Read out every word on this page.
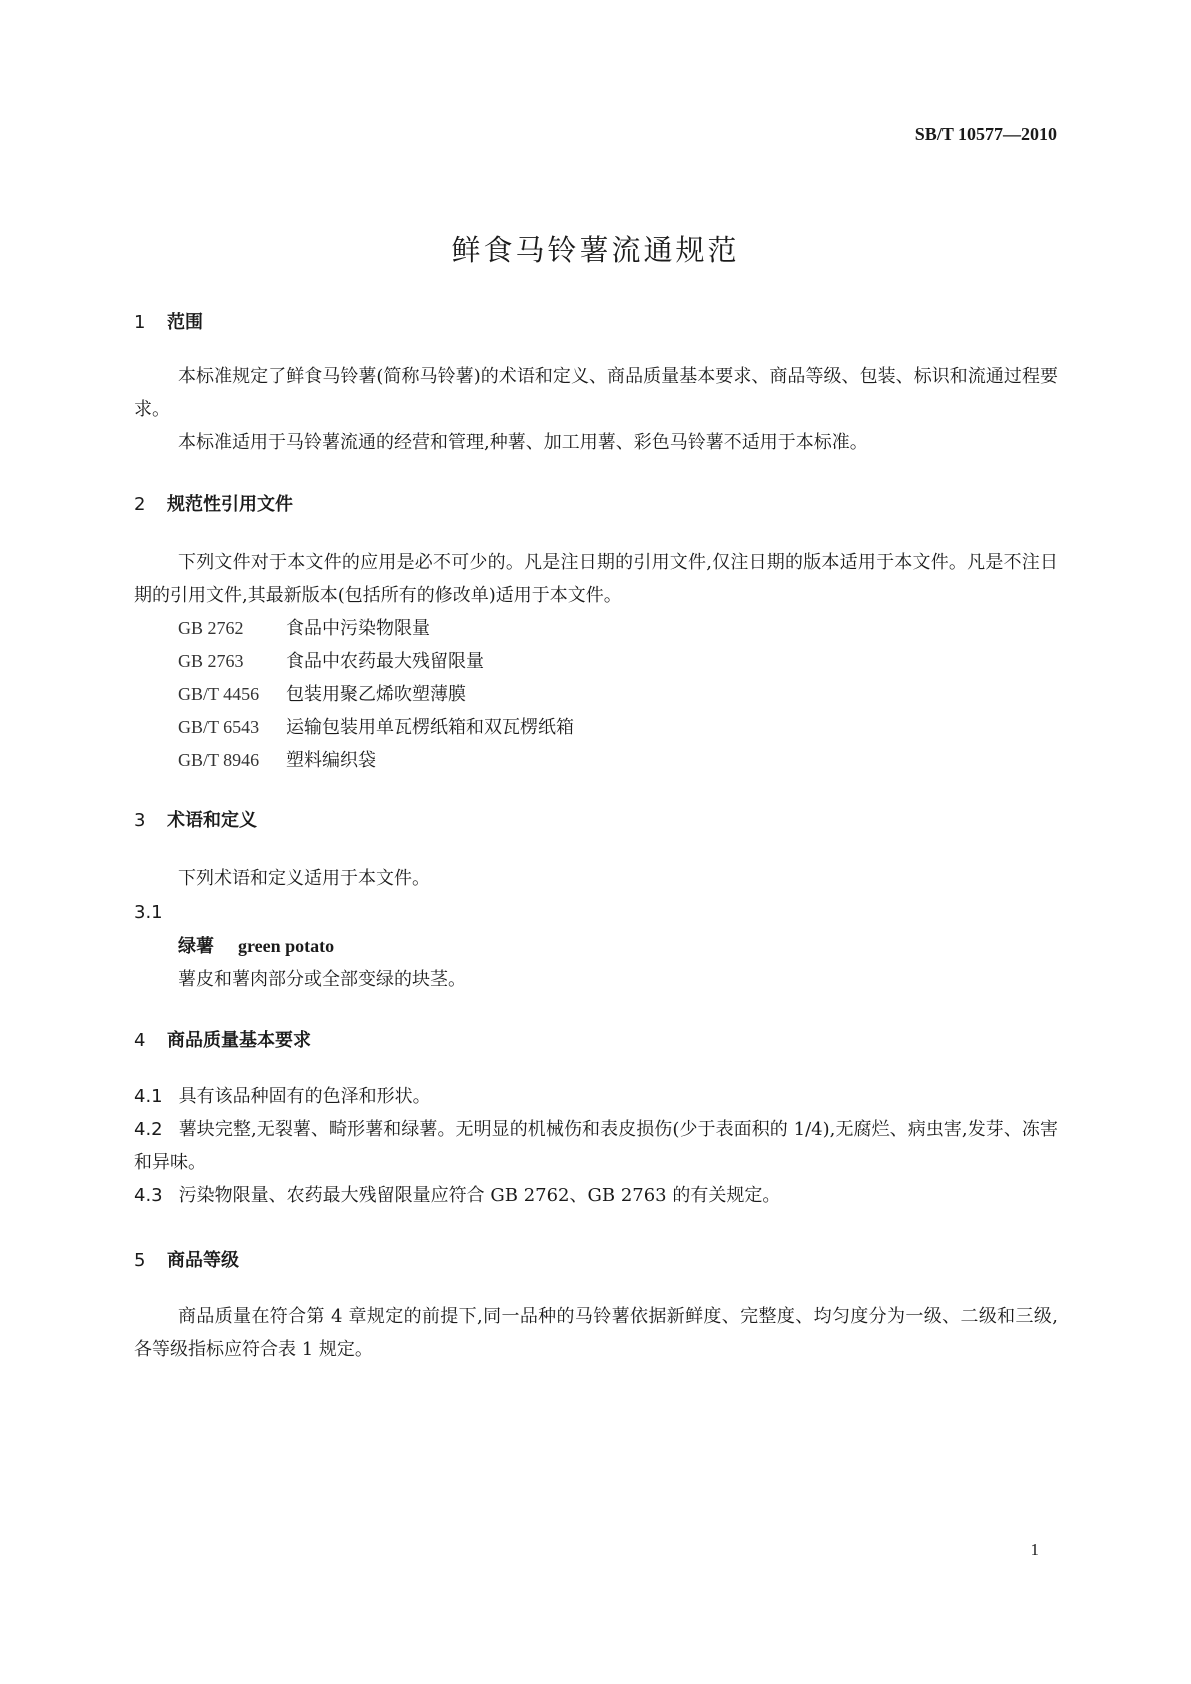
SB/T 10577—2010
鲜食马铃薯流通规范
1 范围
本标准规定了鲜食马铃薯(简称马铃薯)的术语和定义、商品质量基本要求、商品等级、包装、标识和流通过程要求。
本标准适用于马铃薯流通的经营和管理,种薯、加工用薯、彩色马铃薯不适用于本标准。
2 规范性引用文件
下列文件对于本文件的应用是必不可少的。凡是注日期的引用文件,仅注日期的版本适用于本文件。凡是不注日期的引用文件,其最新版本(包括所有的修改单)适用于本文件。
GB 2762 食品中污染物限量
GB 2763 食品中农药最大残留限量
GB/T 4456 包装用聚乙烯吹塑薄膜
GB/T 6543 运输包装用单瓦楞纸箱和双瓦楞纸箱
GB/T 8946 塑料编织袋
3 术语和定义
下列术语和定义适用于本文件。
3.1
绿薯 green potato
薯皮和薯肉部分或全部变绿的块茎。
4 商品质量基本要求
4.1 具有该品种固有的色泽和形状。
4.2 薯块完整,无裂薯、畸形薯和绿薯。无明显的机械伤和表皮损伤(少于表面积的 1/4),无腐烂、病虫害,发芽、冻害和异味。
4.3 污染物限量、农药最大残留限量应符合 GB 2762、GB 2763 的有关规定。
5 商品等级
商品质量在符合第 4 章规定的前提下,同一品种的马铃薯依据新鲜度、完整度、均匀度分为一级、二级和三级,各等级指标应符合表 1 规定。
1
